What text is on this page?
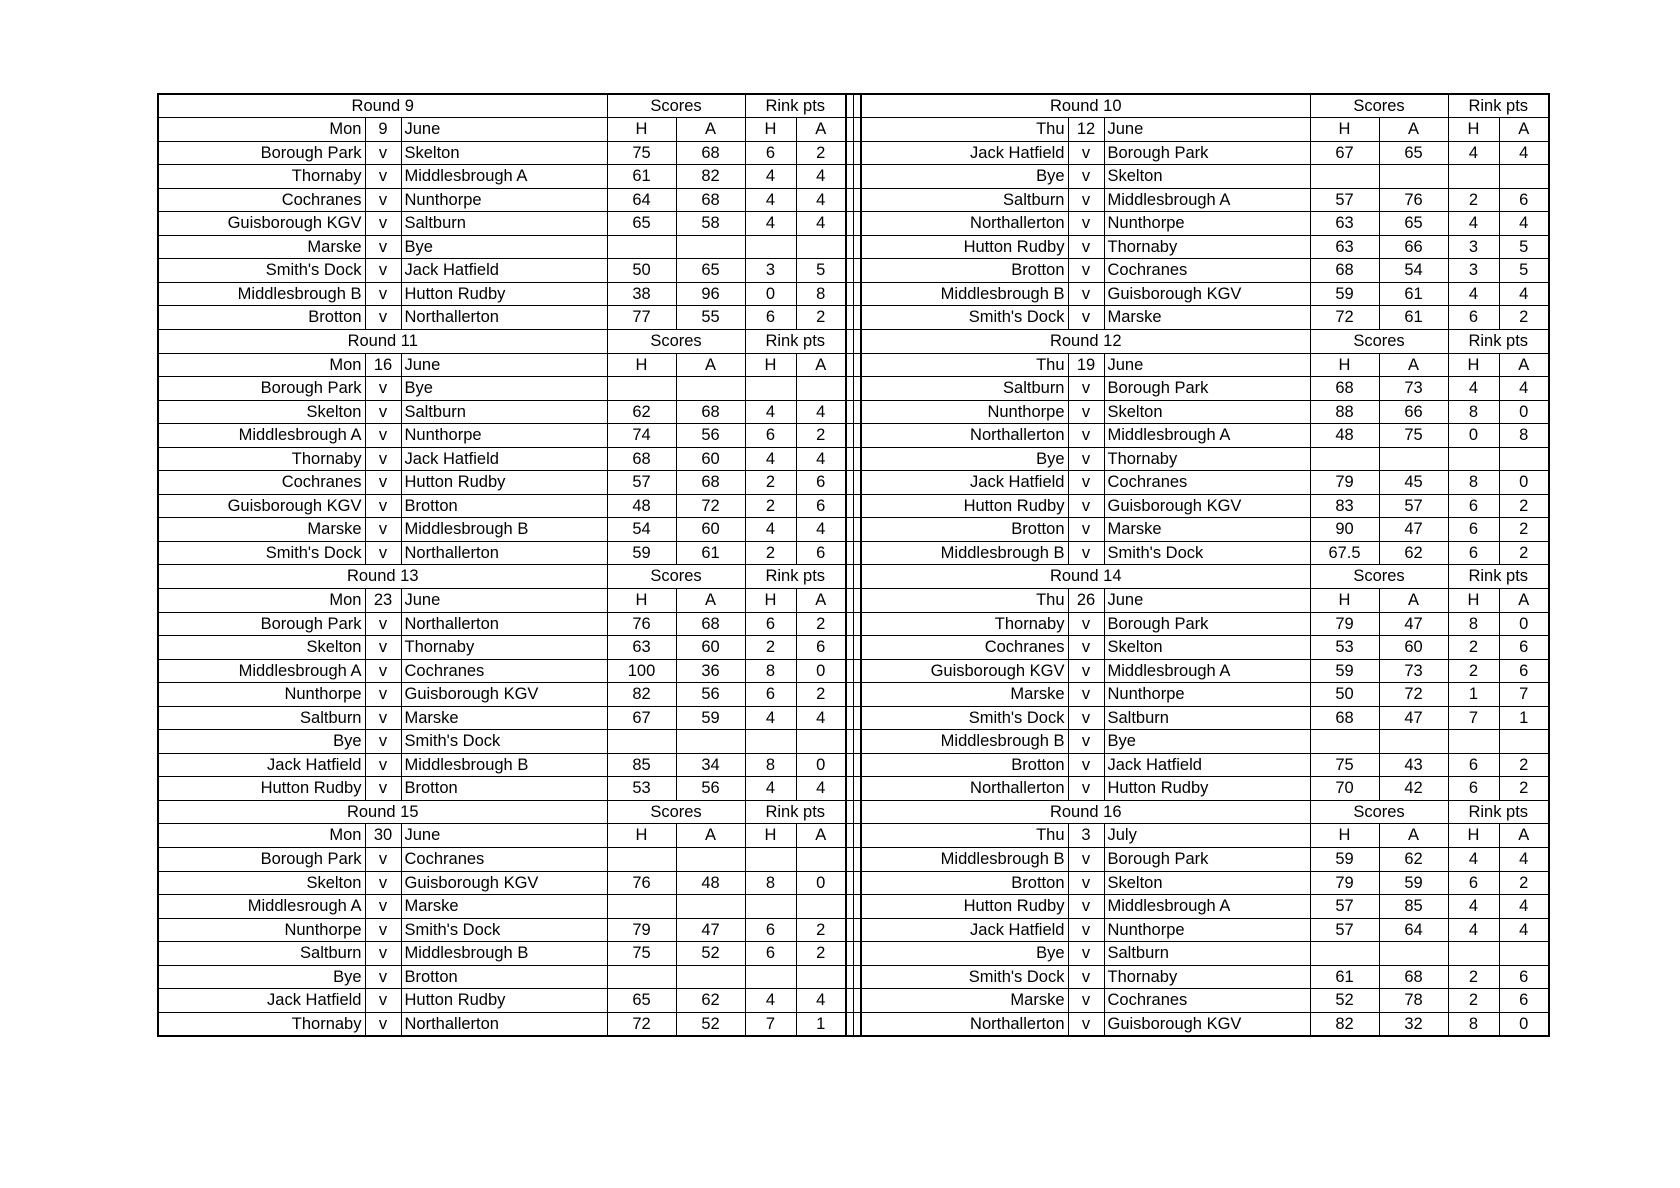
Round 9			Scores		Rink pts				Round 10			Scores		Rink pts	
Mon	9	June	H	A	H	A			Thu	12	June	H	A	H	A
Borough Park	v	Skelton	75	68	6	2			Jack Hatfield	v	Borough Park	67	65	4	4
Thornaby	v	Middlesbrough A	61	82	4	4			Bye	v	Skelton				
Cochranes	v	Nunthorpe	64	68	4	4			Saltburn	v	Middlesbrough A	57	76	2	6
Guisborough KGV	v	Saltburn	65	58	4	4			Northallerton	v	Nunthorpe	63	65	4	4
Marske	v	Bye							Hutton Rudby	v	Thornaby	63	66	3	5
Smith's Dock	v	Jack Hatfield	50	65	3	5			Brotton	v	Cochranes	68	54	3	5
Middlesbrough B	v	Hutton Rudby	38	96	0	8			Middlesbrough B	v	Guisborough KGV	59	61	4	4
Brotton	v	Northallerton	77	55	6	2			Smith's Dock	v	Marske	72	61	6	2
Round 11			Scores		Rink pts				Round 12			Scores		Rink pts	
Mon	16	June	H	A	H	A			Thu	19	June	H	A	H	A
Borough Park	v	Bye							Saltburn	v	Borough Park	68	73	4	4
Skelton	v	Saltburn	62	68	4	4			Nunthorpe	v	Skelton	88	66	8	0
Middlesbrough A	v	Nunthorpe	74	56	6	2			Northallerton	v	Middlesbrough A	48	75	0	8
Thornaby	v	Jack Hatfield	68	60	4	4			Bye	v	Thornaby				
Cochranes	v	Hutton Rudby	57	68	2	6			Jack Hatfield	v	Cochranes	79	45	8	0
Guisborough KGV	v	Brotton	48	72	2	6			Hutton Rudby	v	Guisborough KGV	83	57	6	2
Marske	v	Middlesbrough B	54	60	4	4			Brotton	v	Marske	90	47	6	2
Smith's Dock	v	Northallerton	59	61	2	6			Middlesbrough B	v	Smith's Dock	67.5	62	6	2
Round 13			Scores		Rink pts				Round 14			Scores		Rink pts	
Mon	23	June	H	A	H	A			Thu	26	June	H	A	H	A
Borough Park	v	Northallerton	76	68	6	2			Thornaby	v	Borough Park	79	47	8	0
Skelton	v	Thornaby	63	60	2	6			Cochranes	v	Skelton	53	60	2	6
Middlesbrough A	v	Cochranes	100	36	8	0			Guisborough KGV	v	Middlesbrough A	59	73	2	6
Nunthorpe	v	Guisborough KGV	82	56	6	2			Marske	v	Nunthorpe	50	72	1	7
Saltburn	v	Marske	67	59	4	4			Smith's Dock	v	Saltburn	68	47	7	1
Bye	v	Smith's Dock							Middlesbrough B	v	Bye				
Jack Hatfield	v	Middlesbrough B	85	34	8	0			Brotton	v	Jack Hatfield	75	43	6	2
Hutton Rudby	v	Brotton	53	56	4	4			Northallerton	v	Hutton Rudby	70	42	6	2
Round 15			Scores		Rink pts				Round 16			Scores		Rink pts	
Mon	30	June	H	A	H	A			Thu	3	July	H	A	H	A
Borough Park	v	Cochranes							Middlesbrough B	v	Borough Park	59	62	4	4
Skelton	v	Guisborough KGV	76	48	8	0			Brotton	v	Skelton	79	59	6	2
Middlesrough A	v	Marske							Hutton Rudby	v	Middlesbrough A	57	85	4	4
Nunthorpe	v	Smith's Dock	79	47	6	2			Jack Hatfield	v	Nunthorpe	57	64	4	4
Saltburn	v	Middlesbrough B	75	52	6	2			Bye	v	Saltburn				
Bye	v	Brotton							Smith's Dock	v	Thornaby	61	68	2	6
Jack Hatfield	v	Hutton Rudby	65	62	4	4			Marske	v	Cochranes	52	78	2	6
Thornaby	v	Northallerton	72	52	7	1			Northallerton	v	Guisborough KGV	82	32	8	0
